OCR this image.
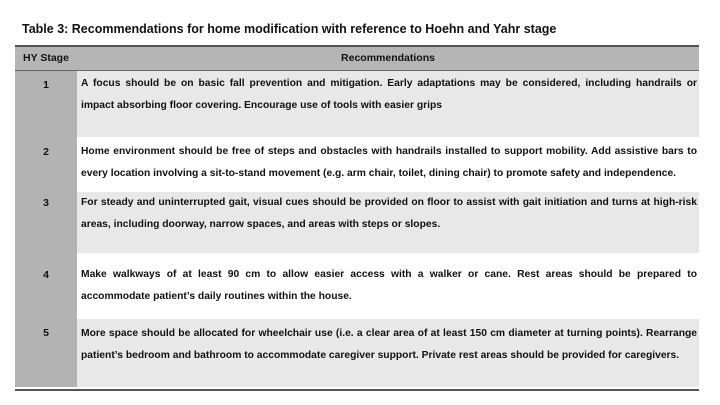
Table 3: Recommendations for home modification with reference to Hoehn and Yahr stage
HY Stage	Recommendations
1	A focus should be on basic fall prevention and mitigation. Early adaptations may be considered, including handrails or impact absorbing floor covering. Encourage use of tools with easier grips
2	Home environment should be free of steps and obstacles with handrails installed to support mobility. Add assistive bars to every location involving a sit-to-stand movement (e.g. arm chair, toilet, dining chair) to promote safety and independence.
3	For steady and uninterrupted gait, visual cues should be provided on floor to assist with gait initiation and turns at high-risk areas, including doorway, narrow spaces, and areas with steps or slopes.
4	Make walkways of at least 90 cm to allow easier access with a walker or cane. Rest areas should be prepared to accommodate patient’s daily routines within the house.
5	More space should be allocated for wheelchair use (i.e. a clear area of at least 150 cm diameter at turning points). Rearrange patient’s bedroom and bathroom to accommodate caregiver support. Private rest areas should be provided for caregivers.
